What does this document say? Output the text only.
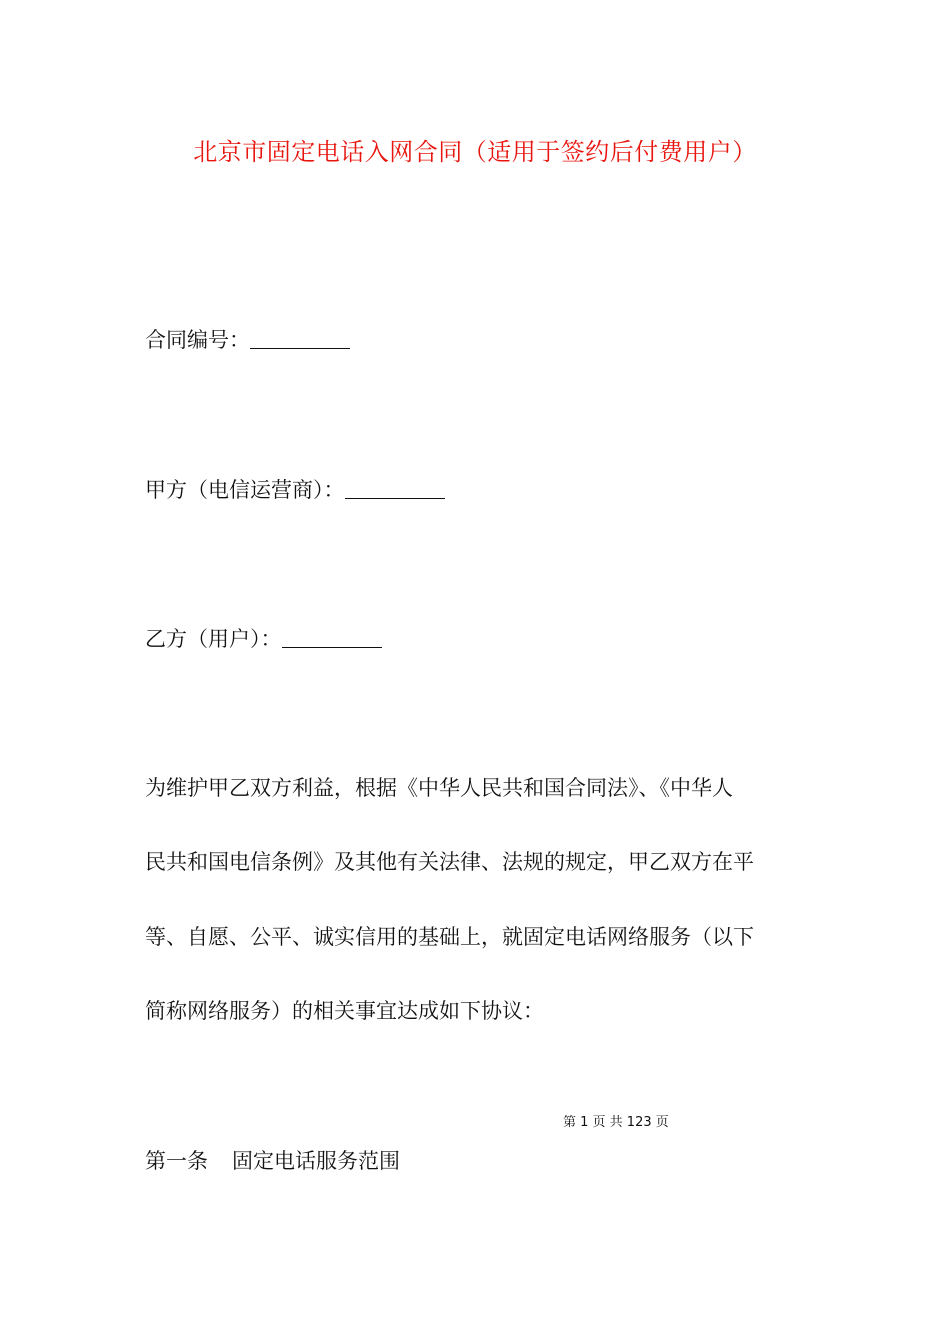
北京市固定电话入网合同（适用于签约后付费用户）
合同编号：
甲方（电信运营商）：
乙方（用户）：
为维护甲乙双方利益，根据《中华人民共和国合同法》、《中华人
民共和国电信条例》及其他有关法律、法规的规定，甲乙双方在平
等、自愿、公平、诚实信用的基础上，就固定电话网络服务（以下
简称网络服务）的相关事宜达成如下协议：
第 1 页 共 123 页
第一条 固定电话服务范围
